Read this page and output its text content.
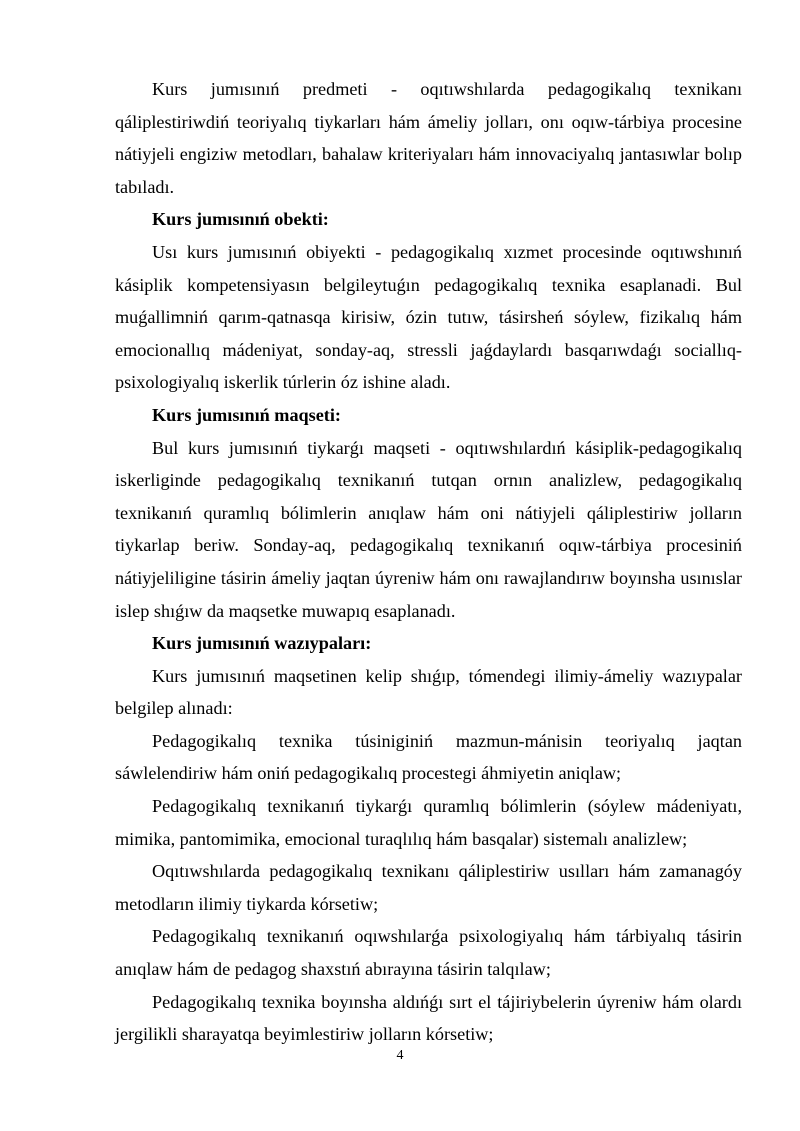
Kurs jumısınıń predmeti - oqıtıwshılarda pedagogikalıq texnikanı qáliplestiriwdiń teoriyalıq tiykarları hám ámeliy jolları, onı oqıw-tárbiya procesine nátiyjeli engiziw metodları, bahalaw kriteriyaları hám innovaciyalıq jantasıwlar bolıp tabıladı.

Kurs jumısınıń obekti:

Usı kurs jumısınıń obiyekti - pedagogikalıq xızmet procesinde oqıtıwshınıń kásiplik kompetensiyasın belgileytuǵın pedagogikalıq texnika esaplanadi. Bul muǵallimniń qarım-qatnasqa kirisiw, ózin tutıw, tásirsheń sóylew, fizikalıq hám emocionallıq mádeniyat, sonday-aq, stressli jaǵdaylardı basqarıwdaǵı sociallıq-psixologiyalıq iskerlik túrlerin óz ishine aladı.

Kurs jumısınıń maqseti:

Bul kurs jumısınıń tiykarǵı maqseti - oqıtıwshılardıń kásiplik-pedagogikalıq iskerliginde pedagogikalıq texnikanıń tutqan ornın analizlew, pedagogikalıq texnikanıń quramlıq bólimlerin anıqlaw hám oni nátiyjeli qáliplestiriw jolların tiykarlap beriw. Sonday-aq, pedagogikalıq texnikanıń oqıw-tárbiya procesiniń nátiyjeliligine tásirin ámeliy jaqtan úyreniw hám onı rawajlandırıw boyınsha usınıslar islep shıǵıw da maqsetke muwapıq esaplanadı.

Kurs jumısınıń wazıypaları:

Kurs jumısınıń maqsetinen kelip shıǵıp, tómendegi ilimiy-ámeliy wazıypalar belgilep alınadı:

Pedagogikalıq texnika túsiniginiń mazmun-mánisin teoriyalıq jaqtan sáwlelendiriw hám oniń pedagogikalıq procestegi áhmiyetin aniqlaw;

Pedagogikalıq texnikanıń tiykarǵı quramlıq bólimlerin (sóylew mádeniyatı, mimika, pantomimika, emocional turaqlılıq hám basqalar) sistemalı analizlew;

Oqıtıwshılarda pedagogikalıq texnikanı qáliplestiriw usılları hám zamanagóy metodların ilimiy tiykarda kórsetiw;

Pedagogikalıq texnikanıń oqıwshılarǵa psixologiyalıq hám tárbiyalıq tásirin anıqlaw hám de pedagog shaxstıń abırayına tásirin talqılaw;

Pedagogikalıq texnika boyınsha aldıńǵı sırt el tájiriybelerin úyreniw hám olardı jergilikli sharayatqa beyimlestiriw jolların kórsetiw;

4
